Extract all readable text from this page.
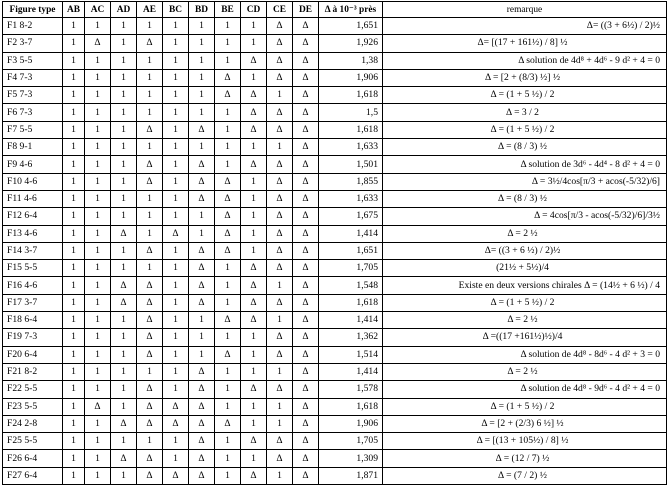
Figure type	AB	AC	AD	AE	BC	BD	BE	CD	CE	DE	Δ à 10⁻³ près	remarque
F1 8-2	1	1	1	1	1	1	1	1	Δ	Δ	1,651	Δ= ((3 + 6½) / 2)½
F2 3-7	1	Δ	1	Δ	1	1	1	1	Δ	Δ	1,926	Δ= [(17 + 161½) / 8] ½
F3 5-5	1	1	1	1	1	1	1	Δ	Δ	Δ	1,38	Δ solution de 4d⁸ + 4d⁶ - 9 d² + 4 = 0
F4 7-3	1	1	1	1	1	1	Δ	1	Δ	Δ	1,906	Δ = [2 + (8/3) ½] ½
F5 7-3	1	1	1	1	1	1	Δ	Δ	1	Δ	1,618	Δ = (1 + 5 ½) / 2
F6 7-3	1	1	1	1	1	1	1	Δ	Δ	Δ	1,5	Δ = 3 / 2
F7 5-5	1	1	1	Δ	1	Δ	1	Δ	Δ	Δ	1,618	Δ = (1 + 5 ½) / 2
F8 9-1	1	1	1	1	1	1	1	1	1	Δ	1,633	Δ = (8 / 3) ½
F9 4-6	1	1	1	Δ	1	Δ	1	Δ	Δ	Δ	1,501	Δ solution de 3d⁶ - 4d⁴ - 8 d² + 4 = 0
F10 4-6	1	1	1	Δ	1	Δ	Δ	1	Δ	Δ	1,855	Δ = 3½/4cos[π/3 + acos(-5/32)/6]
F11 4-6	1	1	1	1	1	Δ	Δ	1	Δ	Δ	1,633	Δ = (8 / 3) ½
F12 6-4	1	1	1	1	1	1	Δ	1	Δ	Δ	1,675	Δ = 4cos[π/3 - acos(-5/32)/6]/3½
F13 4-6	1	1	Δ	1	Δ	1	Δ	1	Δ	Δ	1,414	Δ = 2 ½
F14 3-7	1	1	1	Δ	1	Δ	Δ	1	Δ	Δ	1,651	Δ= ((3 + 6 ½) / 2)½
F15 5-5	1	1	1	1	1	Δ	1	Δ	Δ	Δ	1,705	(21½ + 5½)/4
F16 4-6	1	1	Δ	Δ	1	Δ	1	Δ	1	Δ	1,548	Existe en deux versions chirales Δ = (14½ + 6 ½) / 4
F17 3-7	1	1	Δ	Δ	1	Δ	1	Δ	Δ	Δ	1,618	Δ = (1 + 5 ½) / 2
F18 6-4	1	1	1	Δ	1	1	Δ	Δ	1	Δ	1,414	Δ = 2 ½
F19 7-3	1	1	1	Δ	1	1	1	1	Δ	Δ	1,362	Δ =((17 +161½)½)/4
F20 6-4	1	1	1	Δ	1	1	Δ	1	Δ	Δ	1,514	Δ solution de 4d⁸ - 8d⁶ - 4 d² + 3 = 0
F21 8-2	1	1	1	1	1	Δ	1	1	1	Δ	1,414	Δ = 2 ½
F22 5-5	1	1	1	Δ	1	Δ	1	Δ	Δ	Δ	1,578	Δ solution de 4d⁸ - 9d⁶ - 4 d² + 4 = 0
F23 5-5	1	Δ	1	Δ	Δ	Δ	1	1	1	Δ	1,618	Δ = (1 + 5 ½) / 2
F24 2-8	1	1	Δ	Δ	Δ	Δ	Δ	1	1	Δ	1,906	Δ = [2 + (2/3) 6 ½] ½
F25 5-5	1	1	1	1	1	Δ	1	Δ	Δ	Δ	1,705	Δ = [(13 + 105½) / 8] ½
F26 6-4	1	1	Δ	Δ	1	Δ	1	1	Δ	Δ	1,309	Δ = (12 / 7) ½
F27 6-4	1	1	1	Δ	Δ	Δ	1	Δ	1	Δ	1,871	Δ = (7 / 2) ½
